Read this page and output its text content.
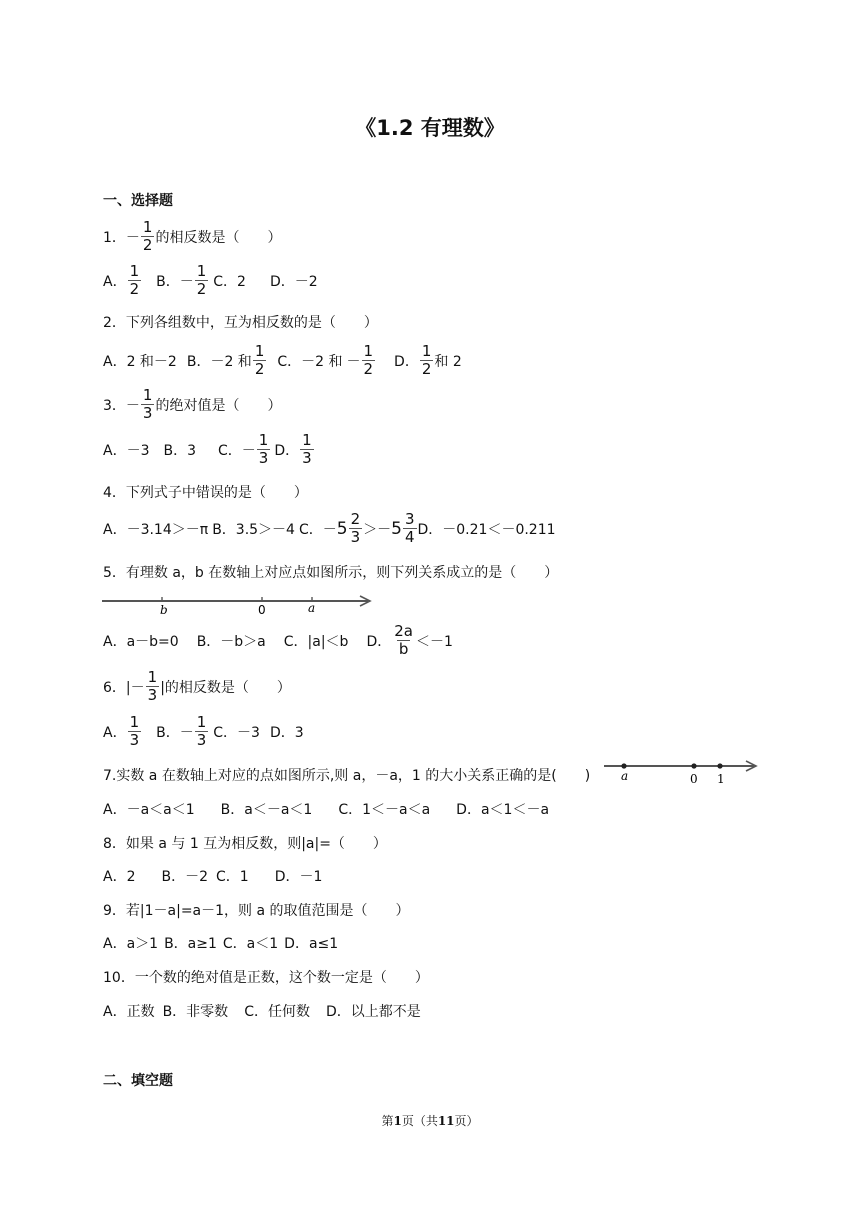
《1.2 有理数》
一、选择题
1． － $\frac{1}{2}$ 的相反数是（　　）
A． $\frac{1}{2}$ B． － $\frac{1}{2}$ C．2 D．－2
2．下列各组数中，互为相反数的是（　　）
A．2 和－2 B．－2 和 $\frac{1}{2}$ C．－2 和 － $\frac{1}{2}$ D． $\frac{1}{2}$ 和 2
3． － $\frac{1}{3}$ 的绝对值是（　　）
A．－3 B．3 C． － $\frac{1}{3}$ D． $\frac{1}{3}$
4．下列式子中错误的是（　　）
A．－3.14＞－π B．3.5＞－4 C．－ $5 \frac{2}{3} >- 5 \frac{3}{4}$ D．－0.21＜－0.211
5．有理数 a，b 在数轴上对应点如图所示，则下列关系成立的是（　　）
b	0	a
A．a－b=0 B．－b＞a C．|a|＜b D． $\frac{2a}{b} <-1$
6． |－ $\frac{1}{3}$ |的相反数是（　　）
A． $\frac{1}{3}$ B． － $\frac{1}{3}$ C．－3 D．3
7.实数 a 在数轴上对应的点如图所示,则 a，－a，1 的大小关系正确的是(　　)	a	0 1
A．－a＜a＜1 B．a＜－a＜1 C．1＜－a＜a D．a＜1＜－a
8．如果 a 与 1 互为相反数，则|a|=（　　）
A．2 B．－2 C．1 D．－1
9．若|1－a|=a－1，则 a 的取值范围是（　　）
A．a＞1 B．a≥1 C．a＜1 D．a≤1
10．一个数的绝对值是正数，这个数一定是（　　）
A．正数 B．非零数 C．任何数 D．以上都不是
二、填空题
第1页（共11页）
